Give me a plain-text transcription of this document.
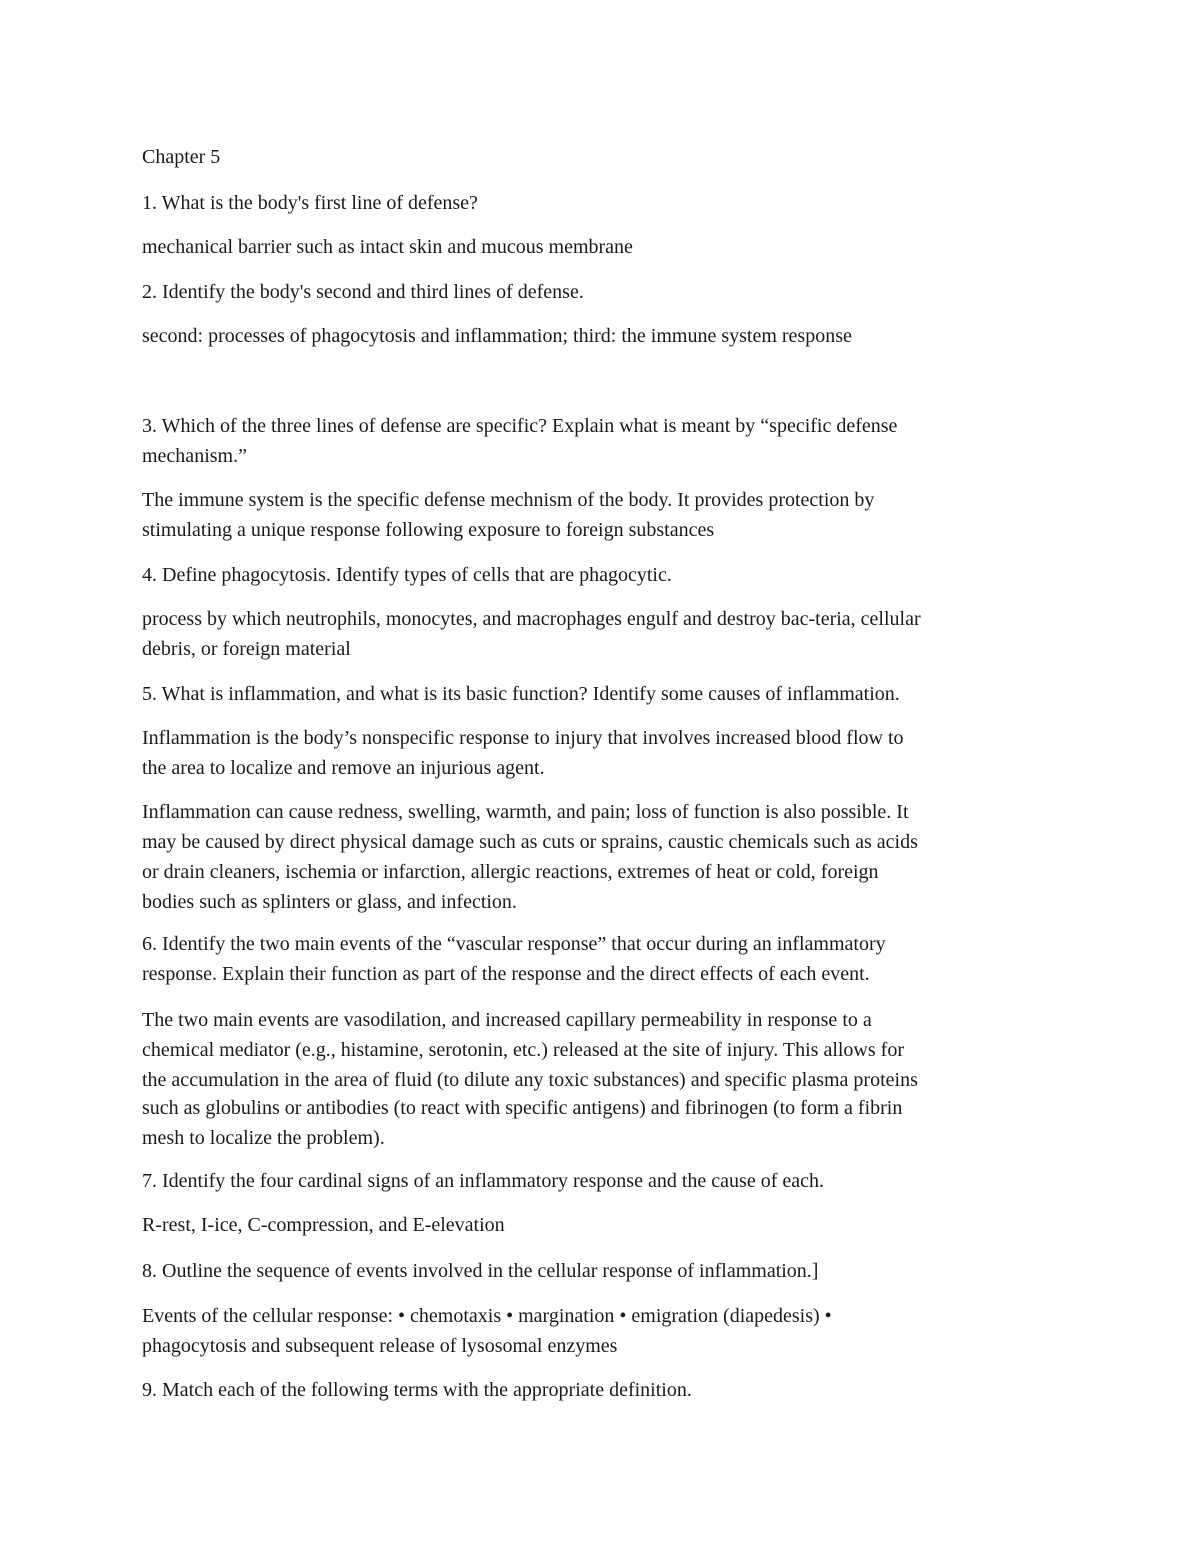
Chapter 5
1. What is the body's first line of defense?
mechanical barrier such as intact skin and mucous membrane
2. Identify the body's second and third lines of defense.
second: processes of phagocytosis and inflammation; third: the immune system response
3. Which of the three lines of defense are specific? Explain what is meant by “specific defense
mechanism.”
The immune system is the specific defense mechnism of the body. It provides protection by
stimulating a unique response following exposure to foreign substances
4. Define phagocytosis. Identify types of cells that are phagocytic.
process by which neutrophils, monocytes, and macrophages engulf and destroy bac-teria, cellular
debris, or foreign material
5. What is inflammation, and what is its basic function? Identify some causes of inflammation.
Inflammation is the body’s nonspecific response to injury that involves increased blood flow to
the area to localize and remove an injurious agent.
Inflammation can cause redness, swelling, warmth, and pain; loss of function is also possible. It
may be caused by direct physical damage such as cuts or sprains, caustic chemicals such as acids
or drain cleaners, ischemia or infarction, allergic reactions, extremes of heat or cold, foreign
bodies such as splinters or glass, and infection.
6. Identify the two main events of the “vascular response” that occur during an inflammatory
response. Explain their function as part of the response and the direct effects of each event.
The two main events are vasodilation, and increased capillary permeability in response to a
chemical mediator (e.g., histamine, serotonin, etc.) released at the site of injury. This allows for
the accumulation in the area of fluid (to dilute any toxic substances) and specific plasma proteins
such as globulins or antibodies (to react with specific antigens) and fibrinogen (to form a fibrin
mesh to localize the problem).
7. Identify the four cardinal signs of an inflammatory response and the cause of each.
R-rest, I-ice, C-compression, and E-elevation
8. Outline the sequence of events involved in the cellular response of inflammation.]
Events of the cellular response: • chemotaxis • margination • emigration (diapedesis) •
phagocytosis and subsequent release of lysosomal enzymes
9. Match each of the following terms with the appropriate definition.
